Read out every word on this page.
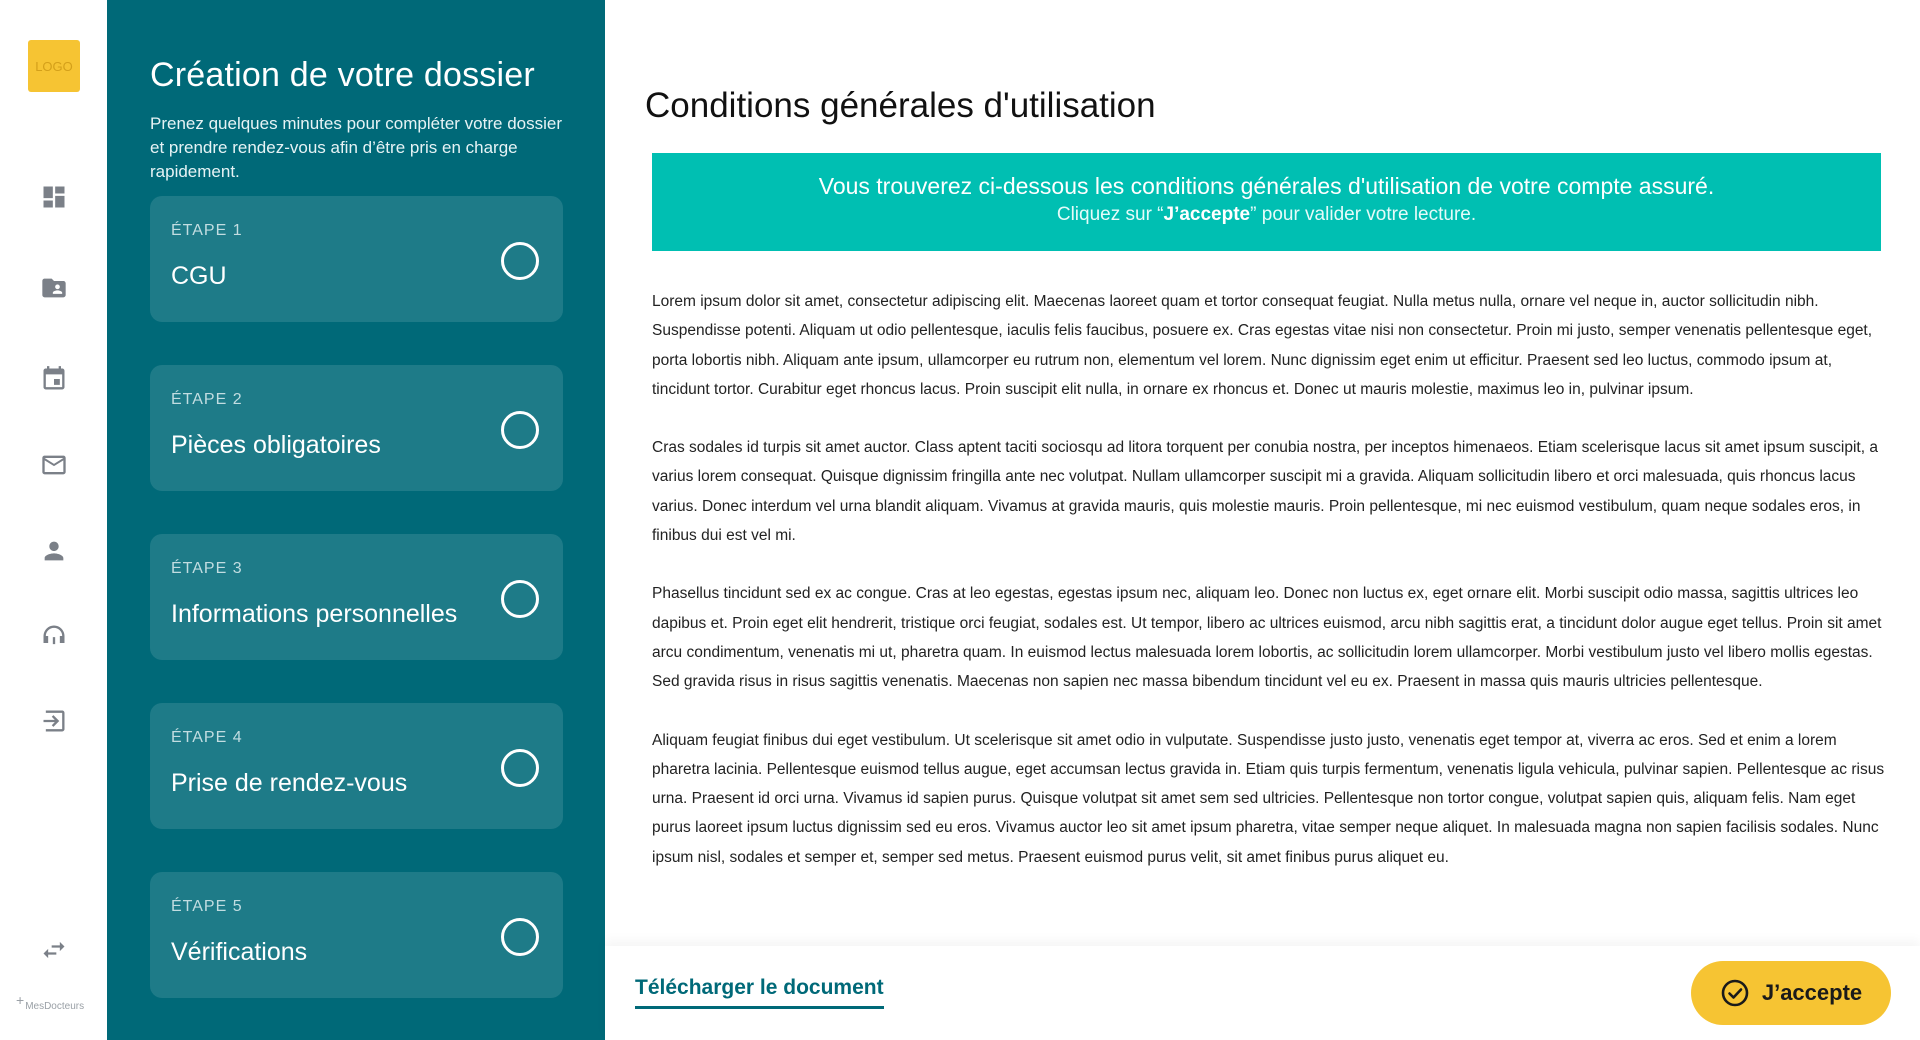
LOGO
+MesDocteurs
Création de votre dossier

Prenez quelques minutes pour compléter votre dossier et prendre rendez-vous afin d’être pris en charge rapidement.

ÉTAPE 1
CGU
ÉTAPE 2
Pièces obligatoires
ÉTAPE 3
Informations personnelles
ÉTAPE 4
Prise de rendez-vous
ÉTAPE 5
Vérifications
Conditions générales d'utilisation
Vous trouverez ci-dessous les conditions générales d'utilisation de votre compte assuré.
Cliquez sur “J’accepte” pour valider votre lecture.

Lorem ipsum dolor sit amet, consectetur adipiscing elit. Maecenas laoreet quam et tortor consequat feugiat. Nulla metus nulla, ornare vel neque in, auctor sollicitudin nibh. Suspendisse potenti. Aliquam ut odio pellentesque, iaculis felis faucibus, posuere ex. Cras egestas vitae nisi non consectetur. Proin mi justo, semper venenatis pellentesque eget, porta lobortis nibh. Aliquam ante ipsum, ullamcorper eu rutrum non, elementum vel lorem. Nunc dignissim eget enim ut efficitur. Praesent sed leo luctus, commodo ipsum at, tincidunt tortor. Curabitur eget rhoncus lacus. Proin suscipit elit nulla, in ornare ex rhoncus et. Donec ut mauris molestie, maximus leo in, pulvinar ipsum.

Cras sodales id turpis sit amet auctor. Class aptent taciti sociosqu ad litora torquent per conubia nostra, per inceptos himenaeos. Etiam scelerisque lacus sit amet ipsum suscipit, a varius lorem consequat. Quisque dignissim fringilla ante nec volutpat. Nullam ullamcorper suscipit mi a gravida. Aliquam sollicitudin libero et orci malesuada, quis rhoncus lacus varius. Donec interdum vel urna blandit aliquam. Vivamus at gravida mauris, quis molestie mauris. Proin pellentesque, mi nec euismod vestibulum, quam neque sodales eros, in finibus dui est vel mi.

Phasellus tincidunt sed ex ac congue. Cras at leo egestas, egestas ipsum nec, aliquam leo. Donec non luctus ex, eget ornare elit. Morbi suscipit odio massa, sagittis ultrices leo dapibus et. Proin eget elit hendrerit, tristique orci feugiat, sodales est. Ut tempor, libero ac ultrices euismod, arcu nibh sagittis erat, a tincidunt dolor augue eget tellus. Proin sit amet arcu condimentum, venenatis mi ut, pharetra quam. In euismod lectus malesuada lorem lobortis, ac sollicitudin lorem ullamcorper. Morbi vestibulum justo vel libero mollis egestas. Sed gravida risus in risus sagittis venenatis. Maecenas non sapien nec massa bibendum tincidunt vel eu ex. Praesent in massa quis mauris ultricies pellentesque.

Aliquam feugiat finibus dui eget vestibulum. Ut scelerisque sit amet odio in vulputate. Suspendisse justo justo, venenatis eget tempor at, viverra ac eros. Sed et enim a lorem pharetra lacinia. Pellentesque euismod tellus augue, eget accumsan lectus gravida in. Etiam quis turpis fermentum, venenatis ligula vehicula, pulvinar sapien. Pellentesque ac risus urna. Praesent id orci urna. Vivamus id sapien purus. Quisque volutpat sit amet sem sed ultricies. Pellentesque non tortor congue, volutpat sapien quis, aliquam felis. Nam eget purus laoreet ipsum luctus dignissim sed eu eros. Vivamus auctor leo sit amet ipsum pharetra, vitae semper neque aliquet. In malesuada magna non sapien facilisis sodales. Nunc ipsum nisl, sodales et semper et, semper sed metus. Praesent euismod purus velit, sit amet finibus purus aliquet eu.

Télécharger le document	J’accepte
